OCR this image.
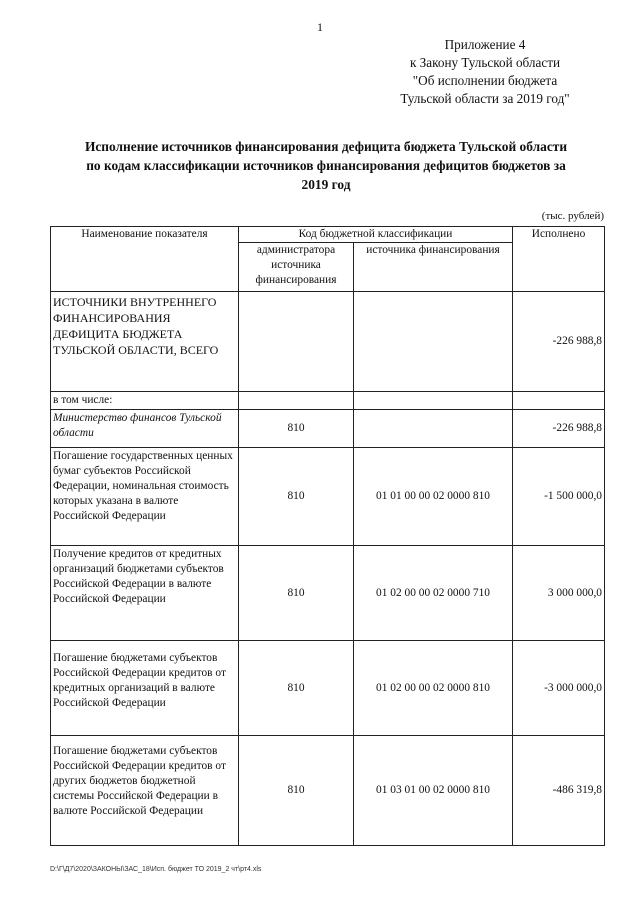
1
Приложение 4
к Закону Тульской области
"Об исполнении бюджета
Тульской области за 2019 год"
Исполнение источников финансирования дефицита бюджета Тульской области
по кодам классификации источников финансирования дефицитов бюджетов за
2019 год
(тыс. рублей)
Наименование показателя	Код бюджетной классификации		Исполнено
	администратора источника финансирования	источника финансирования	
ИСТОЧНИКИ ВНУТРЕННЕГО ФИНАНСИРОВАНИЯ ДЕФИЦИТА БЮДЖЕТА ТУЛЬСКОЙ ОБЛАСТИ, ВСЕГО			-226 988,8
в том числе:			
Министерство финансов Тульской области	810		-226 988,8
Погашение государственных ценных бумаг субъектов Российской Федерации, номинальная стоимость которых указана в валюте Российской Федерации	810	01 01 00 00 02 0000 810	-1 500 000,0
Получение кредитов от кредитных организаций бюджетами субъектов Российской Федерации в валюте Российской Федерации	810	01 02 00 00 02 0000 710	3 000 000,0
Погашение бюджетами субъектов Российской Федерации кредитов от кредитных организаций в валюте Российской Федерации	810	01 02 00 00 02 0000 810	-3 000 000,0
Погашение бюджетами субъектов Российской Федерации кредитов от других бюджетов бюджетной системы Российской Федерации в валюте Российской Федерации	810	01 03 01 00 02 0000 810	-486 319,8
D:\Г\Д7\2020\ЗАКОНЫ\ЗАС_18\Исп. бюджет ТО 2019_2 чт\рт4.xls
